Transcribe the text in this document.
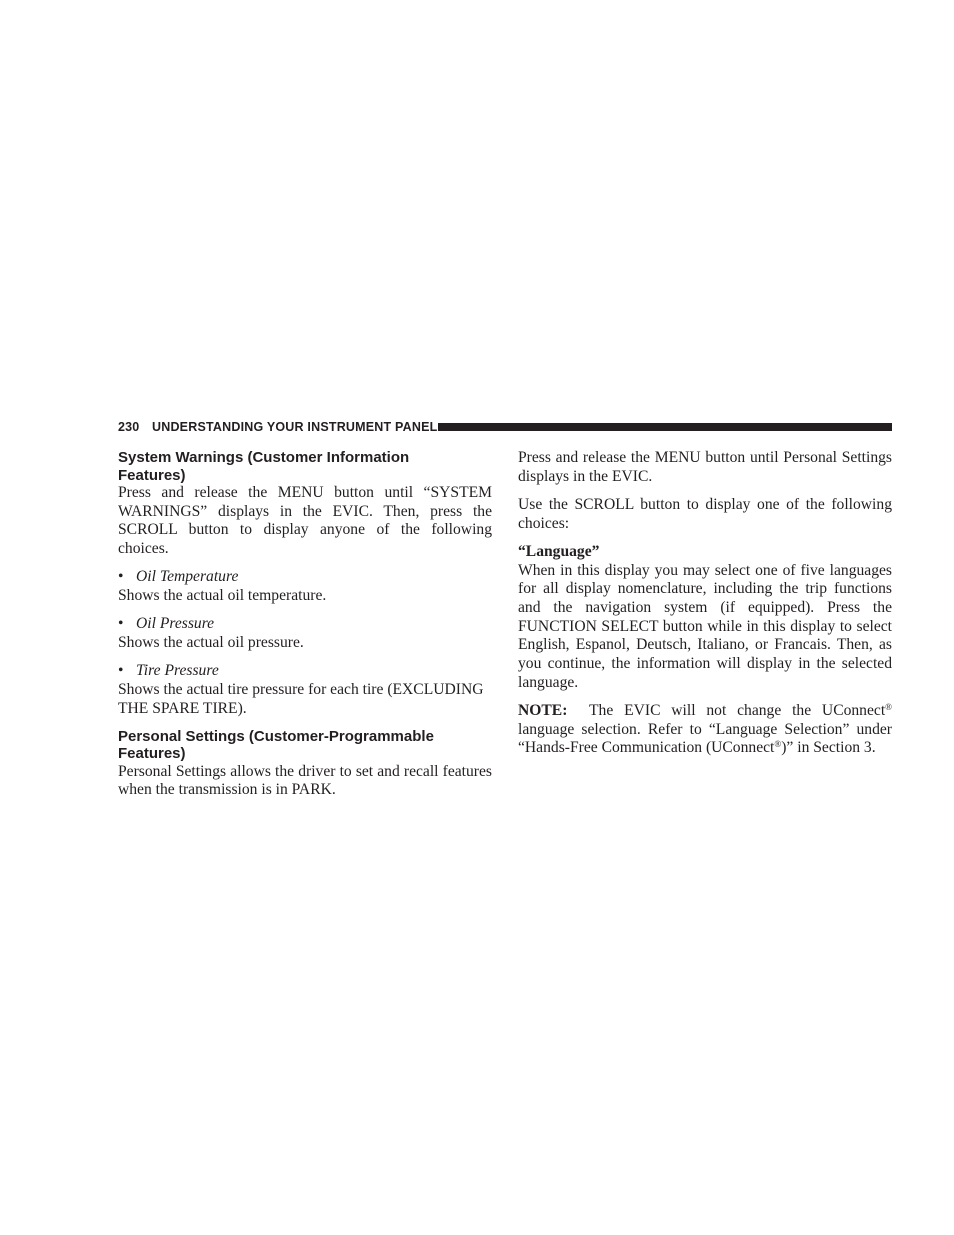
230 UNDERSTANDING YOUR INSTRUMENT PANEL
System Warnings (Customer Information
Features)

Press and release the MENU button until “SYSTEM WARNINGS” displays in the EVIC. Then, press the SCROLL button to display anyone of the following choices.

• Oil Temperature

Shows the actual oil temperature.

• Oil Pressure

Shows the actual oil pressure.

• Tire Pressure

Shows the actual tire pressure for each tire (EXCLUDING THE SPARE TIRE).

Personal Settings (Customer-Programmable
Features)

Personal Settings allows the driver to set and recall features when the transmission is in PARK.

Press and release the MENU button until Personal Settings displays in the EVIC.

Use the SCROLL button to display one of the following choices:

“Language”

When in this display you may select one of five languages for all display nomenclature, including the trip functions and the navigation system (if equipped). Press the FUNCTION SELECT button while in this display to select English, Espanol, Deutsch, Italiano, or Francais. Then, as you continue, the information will display in the selected language.

NOTE: The EVIC will not change the UConnect® language selection. Refer to “Language Selection” under “Hands-Free Communication (UConnect®)” in Section 3.
